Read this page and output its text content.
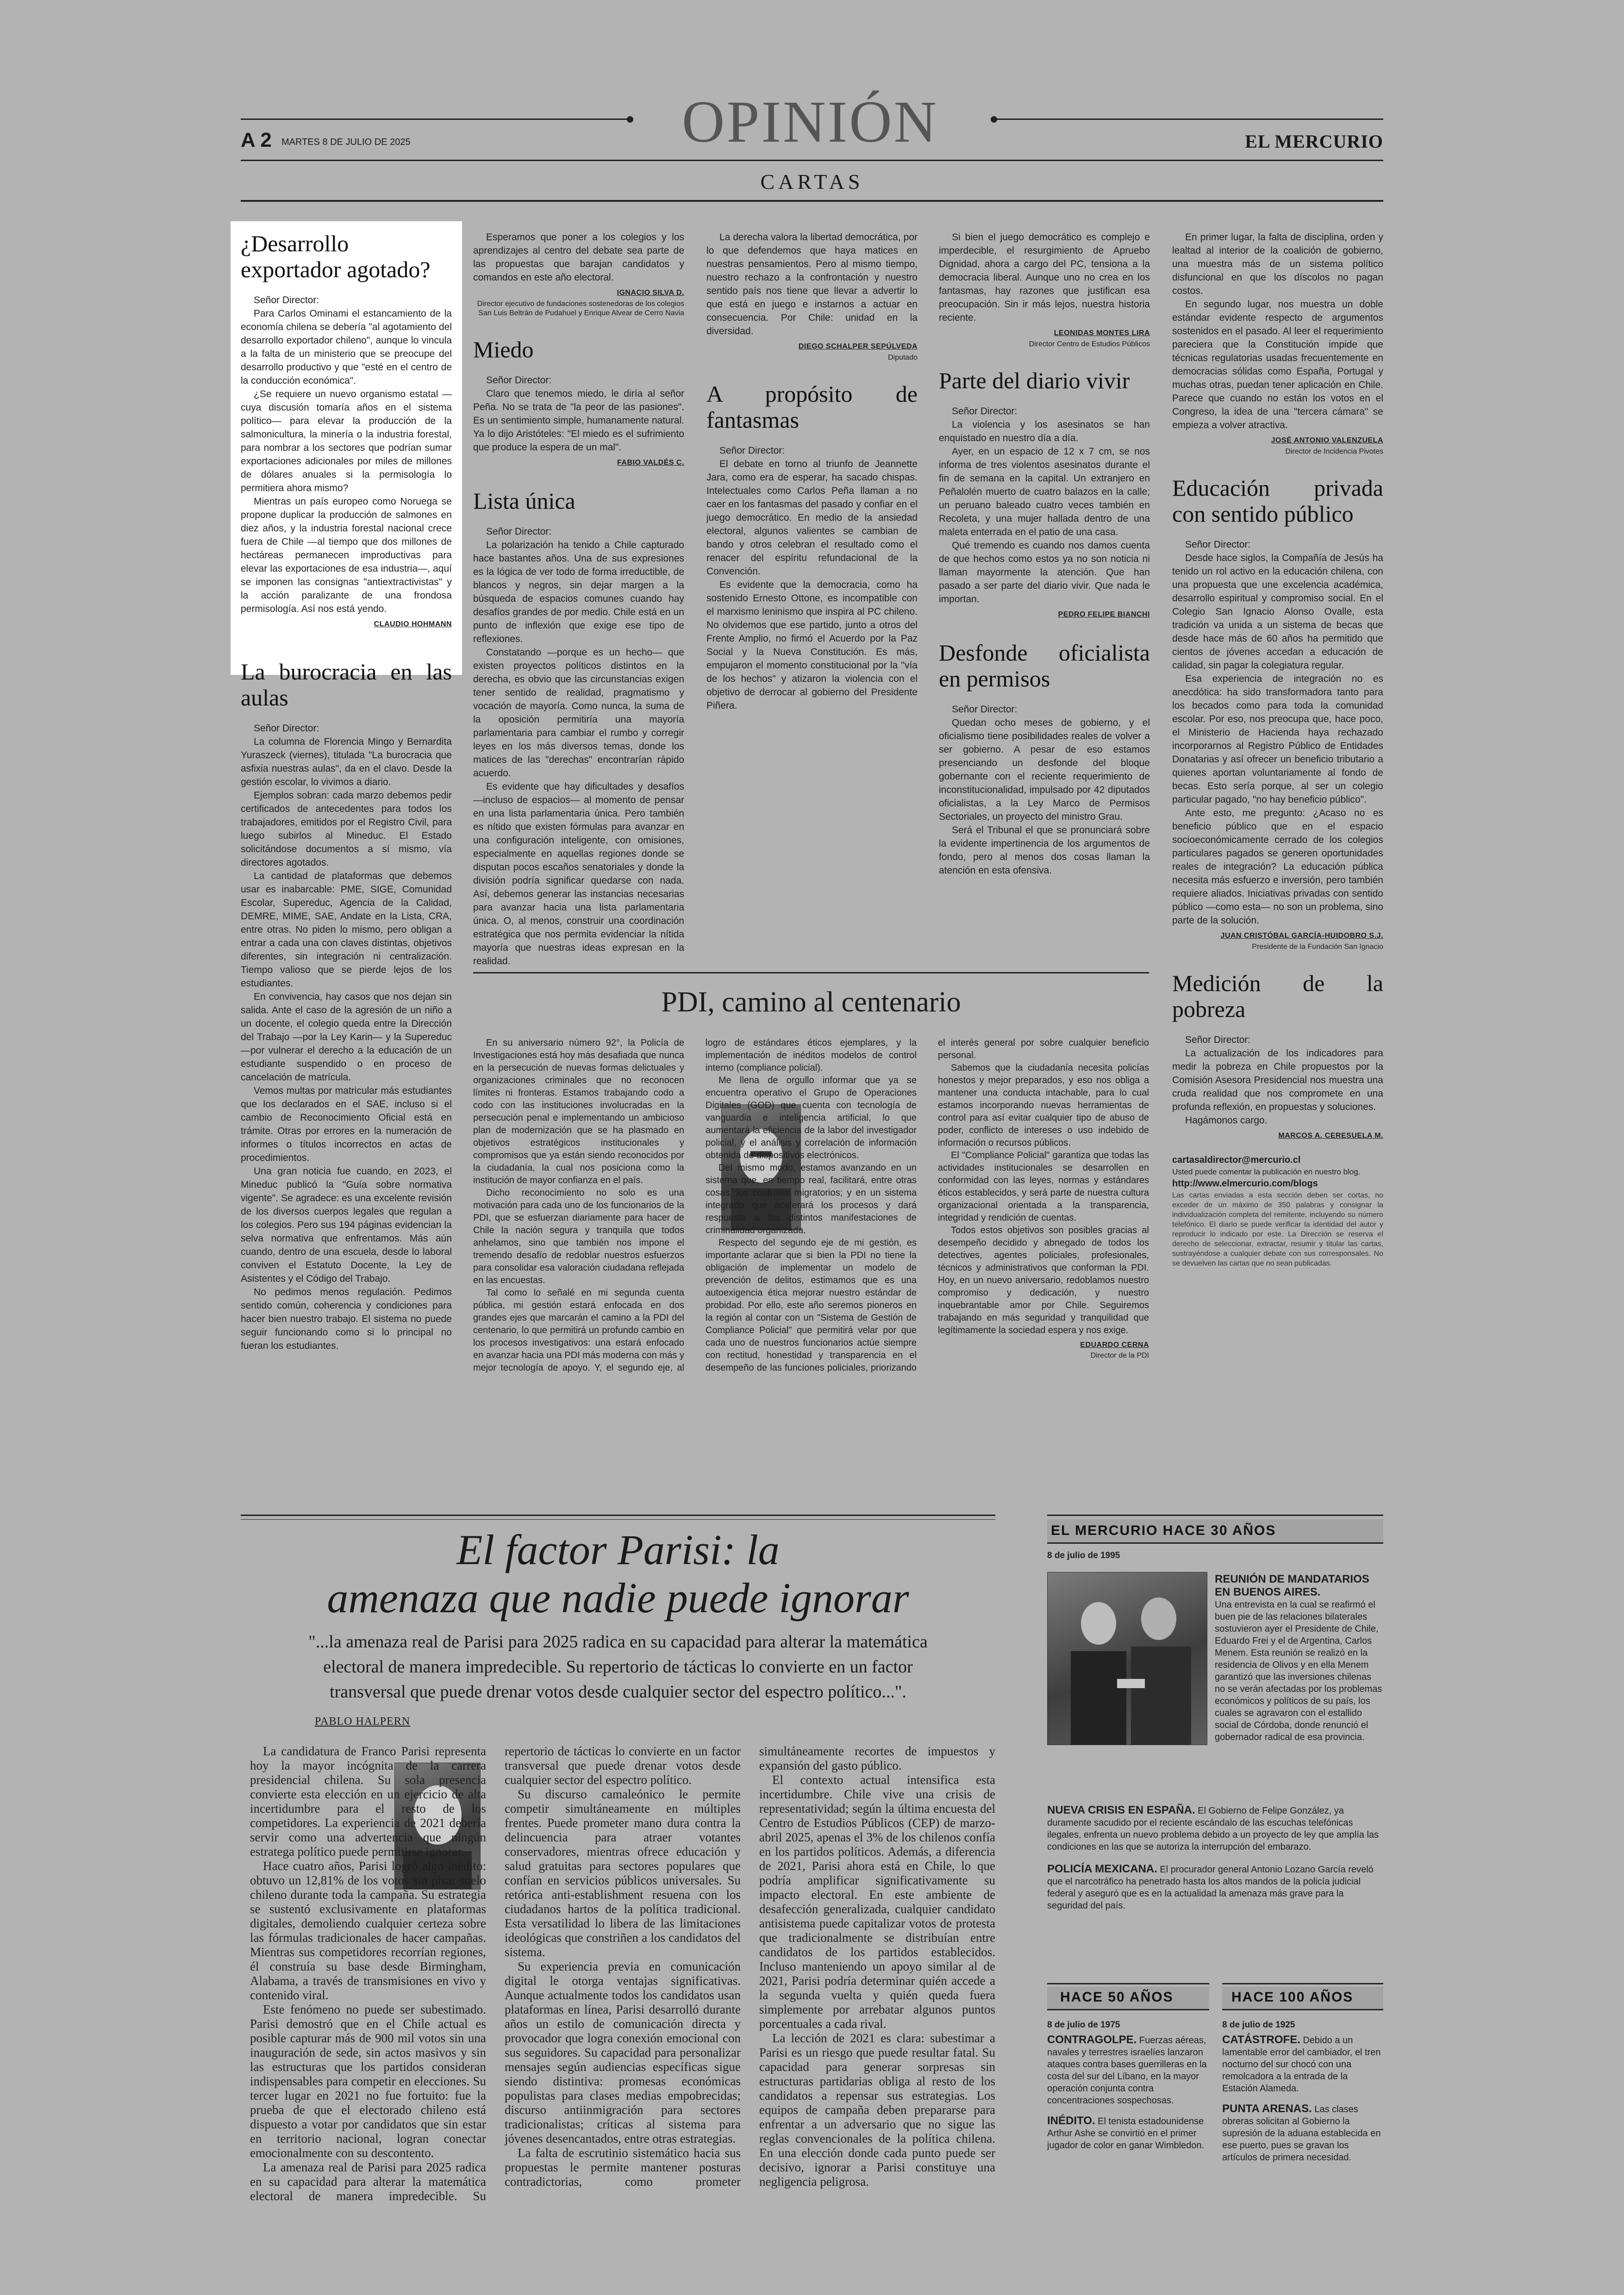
A 2 MARTES 8 DE JULIO DE 2025	OPINIÓN	EL MERCURIO
CARTAS
¿Desarrollo exportador agotado?

Señor Director:

Para Carlos Ominami el estancamiento de la economía chilena se debería "al agotamiento del desarrollo exportador chileno", aunque lo vincula a la falta de un ministerio que se preocupe del desarrollo productivo y que "esté en el centro de la conducción económica".

¿Se requiere un nuevo organismo estatal —cuya discusión tomaría años en el sistema político— para elevar la producción de la salmonicultura, la minería o la industria forestal, para nombrar a los sectores que podrían sumar exportaciones adicionales por miles de millones de dólares anuales si la permisología lo permitiera ahora mismo?

Mientras un país europeo como Noruega se propone duplicar la producción de salmones en diez años, y la industria forestal nacional crece fuera de Chile —al tiempo que dos millones de hectáreas permanecen improductivas para elevar las exportaciones de esa industria—, aquí se imponen las consignas "antiextractivistas" y la acción paralizante de una frondosa permisología. Así nos está yendo.

CLAUDIO HOHMANN
La burocracia en las aulas

Señor Director:

La columna de Florencia Mingo y Bernardita Yuraszeck (viernes), titulada "La burocracia que asfixia nuestras aulas", da en el clavo. Desde la gestión escolar, lo vivimos a diario.

Ejemplos sobran: cada marzo debemos pedir certificados de antecedentes para todos los trabajadores, emitidos por el Registro Civil, para luego subirlos al Mineduc. El Estado solicitándose documentos a sí mismo, vía directores agotados.

La cantidad de plataformas que debemos usar es inabarcable: PME, SIGE, Comunidad Escolar, Supereduc, Agencia de la Calidad, DEMRE, MIME, SAE, Andate en la Lista, CRA, entre otras. No piden lo mismo, pero obligan a entrar a cada una con claves distintas, objetivos diferentes, sin integración ni centralización. Tiempo valioso que se pierde lejos de los estudiantes.

En convivencia, hay casos que nos dejan sin salida. Ante el caso de la agresión de un niño a un docente, el colegio queda entre la Dirección del Trabajo —por la Ley Karin— y la Supereduc —por vulnerar el derecho a la educación de un estudiante suspendido o en proceso de cancelación de matrícula.

Vemos multas por matricular más estudiantes que los declarados en el SAE, incluso si el cambio de Reconocimiento Oficial está en trámite. Otras por errores en la numeración de informes o títulos incorrectos en actas de procedimientos.

Una gran noticia fue cuando, en 2023, el Mineduc publicó la "Guía sobre normativa vigente". Se agradece: es una excelente revisión de los diversos cuerpos legales que regulan a los colegios. Pero sus 194 páginas evidencian la selva normativa que enfrentamos. Más aún cuando, dentro de una escuela, desde lo laboral conviven el Estatuto Docente, la Ley de Asistentes y el Código del Trabajo.

No pedimos menos regulación. Pedimos sentido común, coherencia y condiciones para hacer bien nuestro trabajo. El sistema no puede seguir funcionando como si lo principal no fueran los estudiantes.

Esperamos que poner a los colegios y los aprendizajes al centro del debate sea parte de las propuestas que barajan candidatos y comandos en este año electoral.

IGNACIO SILVA D.
Director ejecutivo de fundaciones sostenedoras de los colegios San Luis Beltrán de Pudahuel y Enrique Alvear de Cerro Navia
Miedo

Señor Director:

Claro que tenemos miedo, le diría al señor Peña. No se trata de "la peor de las pasiones". Es un sentimiento simple, humanamente natural. Ya lo dijo Aristóteles: "El miedo es el sufrimiento que produce la espera de un mal".

FABIO VALDÉS C.
Lista única

Señor Director:

La polarización ha tenido a Chile capturado hace bastantes años. Una de sus expresiones es la lógica de ver todo de forma irreductible, de blancos y negros, sin dejar margen a la búsqueda de espacios comunes cuando hay desafíos grandes de por medio. Chile está en un punto de inflexión que exige ese tipo de reflexiones.

Constatando —porque es un hecho— que existen proyectos políticos distintos en la derecha, es obvio que las circunstancias exigen tener sentido de realidad, pragmatismo y vocación de mayoría. Como nunca, la suma de la oposición permitiría una mayoría parlamentaria para cambiar el rumbo y corregir leyes en los más diversos temas, donde los matices de las "derechas" encontrarían rápido acuerdo.

Es evidente que hay dificultades y desafíos —incluso de espacios— al momento de pensar en una lista parlamentaria única. Pero también es nítido que existen fórmulas para avanzar en una configuración inteligente, con omisiones, especialmente en aquellas regiones donde se disputan pocos escaños senatoriales y donde la división podría significar quedarse con nada. Así, debemos generar las instancias necesarias para avanzar hacia una lista parlamentaria única. O, al menos, construir una coordinación estratégica que nos permita evidenciar la nítida mayoría que nuestras ideas expresan en la realidad.

La derecha valora la libertad democrática, por lo que defendemos que haya matices en nuestras pensamientos. Pero al mismo tiempo, nuestro rechazo a la confrontación y nuestro sentido país nos tiene que llevar a advertir lo que está en juego e instarnos a actuar en consecuencia. Por Chile: unidad en la diversidad.

DIEGO SCHALPER SEPÚLVEDA
Diputado
A propósito de fantasmas

Señor Director:

El debate en torno al triunfo de Jeannette Jara, como era de esperar, ha sacado chispas. Intelectuales como Carlos Peña llaman a no caer en los fantasmas del pasado y confiar en el juego democrático. En medio de la ansiedad electoral, algunos valientes se cambian de bando y otros celebran el resultado como el renacer del espíritu refundacional de la Convención.

Es evidente que la democracia, como ha sostenido Ernesto Ottone, es incompatible con el marxismo leninismo que inspira al PC chileno. No olvidemos que ese partido, junto a otros del Frente Amplio, no firmó el Acuerdo por la Paz Social y la Nueva Constitución. Es más, empujaron el momento constitucional por la "vía de los hechos" y atizaron la violencia con el objetivo de derrocar al gobierno del Presidente Piñera.

Si bien el juego democrático es complejo e imperdecible, el resurgimiento de Apruebo Dignidad, ahora a cargo del PC, tensiona a la democracia liberal. Aunque uno no crea en los fantasmas, hay razones que justifican esa preocupación. Sin ir más lejos, nuestra historia reciente.

LEONIDAS MONTES LIRA
Director Centro de Estudios Públicos
Parte del diario vivir

Señor Director:

La violencia y los asesinatos se han enquistado en nuestro día a día.

Ayer, en un espacio de 12 x 7 cm, se nos informa de tres violentos asesinatos durante el fin de semana en la capital. Un extranjero en Peñalolén muerto de cuatro balazos en la calle; un peruano baleado cuatro veces también en Recoleta, y una mujer hallada dentro de una maleta enterrada en el patio de una casa.

Qué tremendo es cuando nos damos cuenta de que hechos como estos ya no son noticia ni llaman mayormente la atención. Que han pasado a ser parte del diario vivir. Que nada le importan.

PEDRO FELIPE BIANCHI
Desfonde oficialista en permisos

Señor Director:

Quedan ocho meses de gobierno, y el oficialismo tiene posibilidades reales de volver a ser gobierno. A pesar de eso estamos presenciando un desfonde del bloque gobernante con el reciente requerimiento de inconstitucionalidad, impulsado por 42 diputados oficialistas, a la Ley Marco de Permisos Sectoriales, un proyecto del ministro Grau.

Será el Tribunal el que se pronunciará sobre la evidente impertinencia de los argumentos de fondo, pero al menos dos cosas llaman la atención en esta ofensiva.

En primer lugar, la falta de disciplina, orden y lealtad al interior de la coalición de gobierno, una muestra más de un sistema político disfuncional en que los díscolos no pagan costos.

En segundo lugar, nos muestra un doble estándar evidente respecto de argumentos sostenidos en el pasado. Al leer el requerimiento pareciera que la Constitución impide que técnicas regulatorias usadas frecuentemente en democracias sólidas como España, Portugal y muchas otras, puedan tener aplicación en Chile. Parece que cuando no están los votos en el Congreso, la idea de una "tercera cámara" se empieza a volver atractiva.

JOSÉ ANTONIO VALENZUELA
Director de Incidencia Pivotes
Educación privada con sentido público

Señor Director:

Desde hace siglos, la Compañía de Jesús ha tenido un rol activo en la educación chilena, con una propuesta que une excelencia académica, desarrollo espiritual y compromiso social. En el Colegio San Ignacio Alonso Ovalle, esta tradición va unida a un sistema de becas que desde hace más de 60 años ha permitido que cientos de jóvenes accedan a educación de calidad, sin pagar la colegiatura regular.

Esa experiencia de integración no es anecdótica: ha sido transformadora tanto para los becados como para toda la comunidad escolar. Por eso, nos preocupa que, hace poco, el Ministerio de Hacienda haya rechazado incorporarnos al Registro Público de Entidades Donatarias y así ofrecer un beneficio tributario a quienes aportan voluntariamente al fondo de becas. Esto sería porque, al ser un colegio particular pagado, "no hay beneficio público".

Ante esto, me pregunto: ¿Acaso no es beneficio público que en el espacio socioeconómicamente cerrado de los colegios particulares pagados se generen oportunidades reales de integración? La educación pública necesita más esfuerzo e inversión, pero también requiere aliados. Iniciativas privadas con sentido público —como esta— no son un problema, sino parte de la solución.

JUAN CRISTÓBAL GARCÍA-HUIDOBRO S.J.
Presidente de la Fundación San Ignacio
Medición de la pobreza

Señor Director:

La actualización de los indicadores para medir la pobreza en Chile propuestos por la Comisión Asesora Presidencial nos muestra una cruda realidad que nos compromete en una profunda reflexión, en propuestas y soluciones.

Hagámonos cargo.

MARCOS A. CERESUELA M.
cartasaldirector@mercurio.cl
Usted puede comentar la publicación en nuestro blog.
http://www.elmercurio.com/blogs
Las cartas enviadas a esta sección deben ser cortas, no exceder de un máximo de 350 palabras y consignar la individualización completa del remitente, incluyendo su número telefónico. El diario se puede verificar la identidad del autor y reproducir lo indicado por este. La Dirección se reserva el derecho de seleccionar, extractar, resumir y titular las cartas, sustrayéndose a cualquier debate con sus corresponsales. No se devuelven las cartas que no sean publicadas.
PDI, camino al centenario

En su aniversario número 92°, la Policía de Investigaciones está hoy más desafiada que nunca en la persecución de nuevas formas delictuales y organizaciones criminales que no reconocen límites ni fronteras. Estamos trabajando codo a codo con las instituciones involucradas en la persecución penal e implementando un ambicioso plan de modernización que se ha plasmado en objetivos estratégicos institucionales y compromisos que ya están siendo reconocidos por la ciudadanía, la cual nos posiciona como la institución de mayor confianza en el país.

Dicho reconocimiento no solo es una motivación para cada uno de los funcionarios de la PDI, que se esfuerzan diariamente para hacer de Chile la nación segura y tranquila que todos anhelamos, sino que también nos impone el tremendo desafío de redoblar nuestros esfuerzos para consolidar esa valoración ciudadana reflejada en las encuestas.

Tal como lo señalé en mi segunda cuenta pública, mi gestión estará enfocada en dos grandes ejes que marcarán el camino a la PDI del centenario, lo que permitirá un profundo cambio en los procesos investigativos: una estará enfocado en avanzar hacia una PDI más moderna con más y mejor tecnología de apoyo. Y, el segundo eje, al logro de estándares éticos ejemplares, y la implementación de inéditos modelos de control interno (compliance policial).

Me llena de orgullo informar que ya se encuentra operativo el Grupo de Operaciones Digitales (GOD) que cuenta con tecnología de vanguardia e inteligencia artificial, lo que aumentará la eficiencia de la labor del investigador policial, y el análisis y correlación de información obtenida de dispositivos electrónicos.

Del mismo modo, estamos avanzando en un sistema que, en tiempo real, facilitará, entre otras cosas, los controles migratorios; y en un sistema integrado que acelerará los procesos y dará respuesta a los distintos manifestaciones de criminalidad organizada.

Respecto del segundo eje de mi gestión, es importante aclarar que si bien la PDI no tiene la obligación de implementar un modelo de prevención de delitos, estimamos que es una autoexigencia ética mejorar nuestro estándar de probidad. Por ello, este año seremos pioneros en la región al contar con un "Sistema de Gestión de Compliance Policial" que permitirá velar por que cada uno de nuestros funcionarios actúe siempre con rectitud, honestidad y transparencia en el desempeño de las funciones policiales, priorizando el interés general por sobre cualquier beneficio personal.

Sabemos que la ciudadanía necesita policías honestos y mejor preparados, y eso nos obliga a mantener una conducta intachable, para lo cual estamos incorporando nuevas herramientas de control para así evitar cualquier tipo de abuso de poder, conflicto de intereses o uso indebido de información o recursos públicos.

El "Compliance Policial" garantiza que todas las actividades institucionales se desarrollen en conformidad con las leyes, normas y estándares éticos establecidos, y será parte de nuestra cultura organizacional orientada a la transparencia, integridad y rendición de cuentas.

Todos estos objetivos son posibles gracias al desempeño decidido y abnegado de todos los detectives, agentes policiales, profesionales, técnicos y administrativos que conforman la PDI. Hoy, en un nuevo aniversario, redoblamos nuestro compromiso y dedicación, y nuestro inquebrantable amor por Chile. Seguiremos trabajando en más seguridad y tranquilidad que legítimamente la sociedad espera y nos exige.

EDUARDO CERNA
Director de la PDI
El factor Parisi: la
amenaza que nadie puede ignorar
"...la amenaza real de Parisi para 2025 radica en su capacidad para alterar la matemática electoral de manera impredecible. Su repertorio de tácticas lo convierte en un factor transversal que puede drenar votos desde cualquier sector del espectro político...".
PABLO HALPERN

La candidatura de Franco Parisi representa hoy la mayor incógnita de la carrera presidencial chilena. Su sola presencia convierte esta elección en un ejercicio de alta incertidumbre para el resto de los competidores. La experiencia de 2021 debería servir como una advertencia que ningún estratega político puede permitirse ignorar.

Hace cuatro años, Parisi logró algo inédito: obtuvo un 12,81% de los votos sin pisar suelo chileno durante toda la campaña. Su estrategia se sustentó exclusivamente en plataformas digitales, demoliendo cualquier certeza sobre las fórmulas tradicionales de hacer campañas. Mientras sus competidores recorrían regiones, él construía su base desde Birmingham, Alabama, a través de transmisiones en vivo y contenido viral.

Este fenómeno no puede ser subestimado. Parisi demostró que en el Chile actual es posible capturar más de 900 mil votos sin una inauguración de sede, sin actos masivos y sin las estructuras que los partidos consideran indispensables para competir en elecciones. Su tercer lugar en 2021 no fue fortuito: fue la prueba de que el electorado chileno está dispuesto a votar por candidatos que sin estar en territorio nacional, logran conectar emocionalmente con su descontento.

La amenaza real de Parisi para 2025 radica en su capacidad para alterar la matemática electoral de manera impredecible. Su repertorio de tácticas lo convierte en un factor transversal que puede drenar votos desde cualquier sector del espectro político.

Su discurso camaleónico le permite competir simultáneamente en múltiples frentes. Puede prometer mano dura contra la delincuencia para atraer votantes conservadores, mientras ofrece educación y salud gratuitas para sectores populares que confían en servicios públicos universales. Su retórica anti-establishment resuena con los ciudadanos hartos de la política tradicional. Esta versatilidad lo libera de las limitaciones ideológicas que constriñen a los candidatos del sistema.

Su experiencia previa en comunicación digital le otorga ventajas significativas. Aunque actualmente todos los candidatos usan plataformas en línea, Parisi desarrolló durante años un estilo de comunicación directa y provocador que logra conexión emocional con sus seguidores. Su capacidad para personalizar mensajes según audiencias específicas sigue siendo distintiva: promesas económicas populistas para clases medias empobrecidas; discurso antiinmigración para sectores tradicionalistas; críticas al sistema para jóvenes desencantados, entre otras estrategias.

La falta de escrutinio sistemático hacia sus propuestas le permite mantener posturas contradictorias, como prometer simultáneamente recortes de impuestos y expansión del gasto público.

El contexto actual intensifica esta incertidumbre. Chile vive una crisis de representatividad; según la última encuesta del Centro de Estudios Públicos (CEP) de marzo-abril 2025, apenas el 3% de los chilenos confía en los partidos políticos. Además, a diferencia de 2021, Parisi ahora está en Chile, lo que podría amplificar significativamente su impacto electoral. En este ambiente de desafección generalizada, cualquier candidato antisistema puede capitalizar votos de protesta que tradicionalmente se distribuían entre candidatos de los partidos establecidos. Incluso manteniendo un apoyo similar al de 2021, Parisi podría determinar quién accede a la segunda vuelta y quién queda fuera simplemente por arrebatar algunos puntos porcentuales a cada rival.

La lección de 2021 es clara: subestimar a Parisi es un riesgo que puede resultar fatal. Su capacidad para generar sorpresas sin estructuras partidarias obliga al resto de los candidatos a repensar sus estrategias. Los equipos de campaña deben prepararse para enfrentar a un adversario que no sigue las reglas convencionales de la política chilena. En una elección donde cada punto puede ser decisivo, ignorar a Parisi constituye una negligencia peligrosa.

EL MERCURIO HACE 30 AÑOS
8 de julio de 1995
REUNIÓN DE MANDATARIOS EN BUENOS AIRES.
Una entrevista en la cual se reafirmó el buen pie de las relaciones bilaterales sostuvieron ayer el Presidente de Chile, Eduardo Frei y el de Argentina, Carlos Menem. Esta reunión se realizó en la residencia de Olivos y en ella Menem garantizó que las inversiones chilenas no se verán afectadas por los problemas económicos y políticos de su país, los cuales se agravaron con el estallido social de Córdoba, donde renunció el gobernador radical de esa provincia.
NUEVA CRISIS EN ESPAÑA. El Gobierno de Felipe González, ya duramente sacudido por el reciente escándalo de las escuchas telefónicas ilegales, enfrenta un nuevo problema debido a un proyecto de ley que amplía las condiciones en las que se autoriza la interrupción del embarazo.
POLICÍA MEXICANA. El procurador general Antonio Lozano García reveló que el narcotráfico ha penetrado hasta los altos mandos de la policía judicial federal y aseguró que es en la actualidad la amenaza más grave para la seguridad del país.
HACE 50 AÑOS
8 de julio de 1975
CONTRAGOLPE. Fuerzas aéreas, navales y terrestres israelíes lanzaron ataques contra bases guerrilleras en la costa del sur del Líbano, en la mayor operación conjunta contra concentraciones sospechosas.
INÉDITO. El tenista estadounidense Arthur Ashe se convirtió en el primer jugador de color en ganar Wimbledon.
HACE 100 AÑOS
8 de julio de 1925
CATÁSTROFE. Debido a un lamentable error del cambiador, el tren nocturno del sur chocó con una remolcadora a la entrada de la Estación Alameda.
PUNTA ARENAS. Las clases obreras solicitan al Gobierno la supresión de la aduana establecida en ese puerto, pues se gravan los artículos de primera necesidad.
